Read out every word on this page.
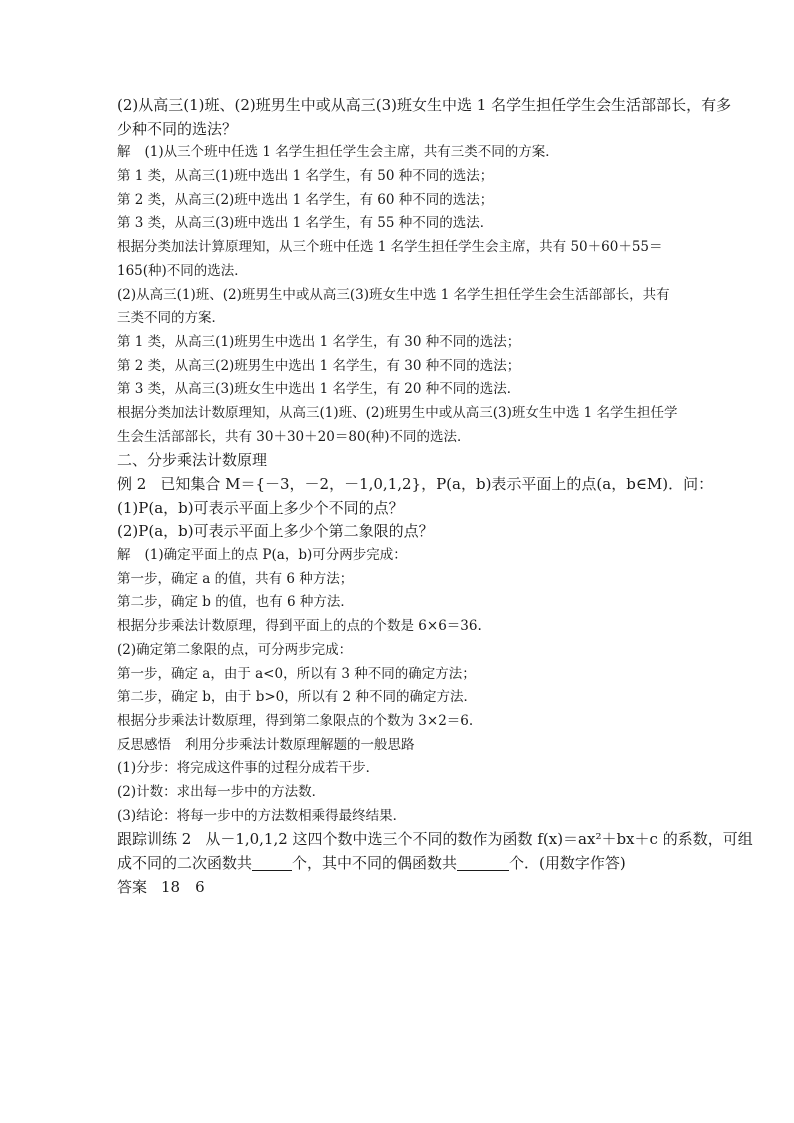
(2)从高三(1)班、(2)班男生中或从高三(3)班女生中选 1 名学生担任学生会生活部部长，有多
少种不同的选法？
解 (1)从三个班中任选 1 名学生担任学生会主席，共有三类不同的方案．
第 1 类，从高三(1)班中选出 1 名学生，有 50 种不同的选法；
第 2 类，从高三(2)班中选出 1 名学生，有 60 种不同的选法；
第 3 类，从高三(3)班中选出 1 名学生，有 55 种不同的选法．
根据分类加法计算原理知，从三个班中任选 1 名学生担任学生会主席，共有 50＋60＋55＝
165(种)不同的选法．
(2)从高三(1)班、(2)班男生中或从高三(3)班女生中选 1 名学生担任学生会生活部部长，共有
三类不同的方案．
第 1 类，从高三(1)班男生中选出 1 名学生，有 30 种不同的选法；
第 2 类，从高三(2)班男生中选出 1 名学生，有 30 种不同的选法；
第 3 类，从高三(3)班女生中选出 1 名学生，有 20 种不同的选法．
根据分类加法计数原理知，从高三(1)班、(2)班男生中或从高三(3)班女生中选 1 名学生担任学
生会生活部部长，共有 30＋30＋20＝80(种)不同的选法．
二、分步乘法计数原理
例 2 已知集合 M＝{－3，－2，－1,0,1,2}，P(a，b)表示平面上的点(a，b∈M)．问：
(1)P(a，b)可表示平面上多少个不同的点？
(2)P(a，b)可表示平面上多少个第二象限的点？
解 (1)确定平面上的点 P(a，b)可分两步完成：
第一步，确定 a 的值，共有 6 种方法；
第二步，确定 b 的值，也有 6 种方法．
根据分步乘法计数原理，得到平面上的点的个数是 6×6＝36.
(2)确定第二象限的点，可分两步完成：
第一步，确定 a，由于 a<0，所以有 3 种不同的确定方法；
第二步，确定 b，由于 b>0，所以有 2 种不同的确定方法．
根据分步乘法计数原理，得到第二象限点的个数为 3×2＝6.
反思感悟 利用分步乘法计数原理解题的一般思路
(1)分步：将完成这件事的过程分成若干步．
(2)计数：求出每一步中的方法数．
(3)结论：将每一步中的方法数相乘得最终结果．
跟踪训练 2 从－1,0,1,2 这四个数中选三个不同的数作为函数 f(x)＝ax²＋bx＋c 的系数，可组
成不同的二次函数共	个，其中不同的偶函数共	个．(用数字作答)
答案 18　6
